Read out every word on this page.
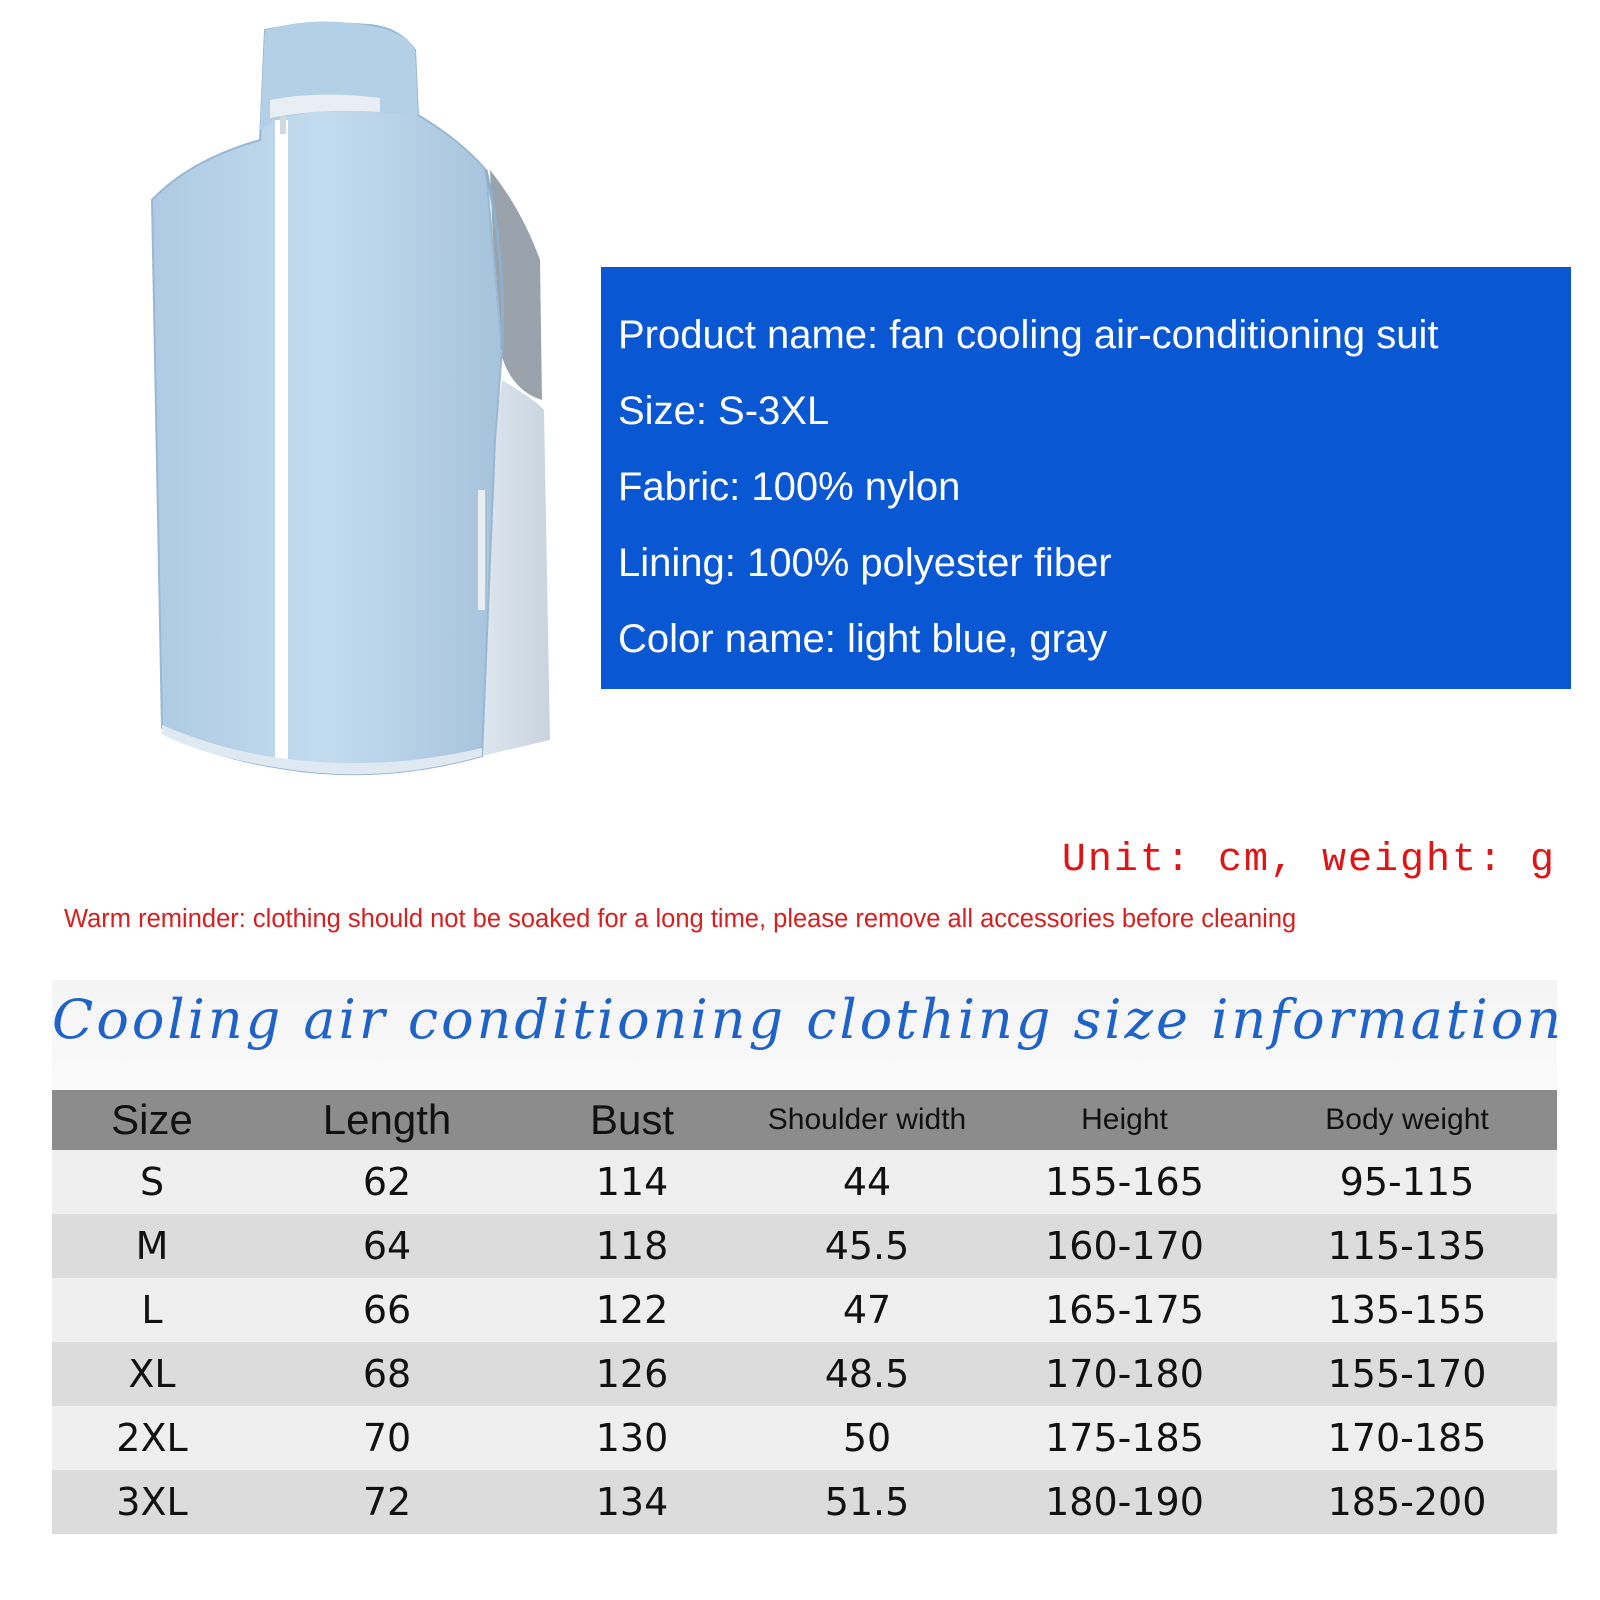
Product name: fan cooling air-conditioning suit
Size: S-3XL
Fabric: 100% nylon
Lining: 100% polyester fiber
Color name: light blue, gray
Unit: cm, weight: g
Warm reminder: clothing should not be soaked for a long time, please remove all accessories before cleaning
Cooling air conditioning clothing size information
Size	Length	Bust	Shoulder width	Height	Body weight
S	62	114	44	155-165	95-115
M	64	118	45.5	160-170	115-135
L	66	122	47	165-175	135-155
XL	68	126	48.5	170-180	155-170
2XL	70	130	50	175-185	170-185
3XL	72	134	51.5	180-190	185-200
